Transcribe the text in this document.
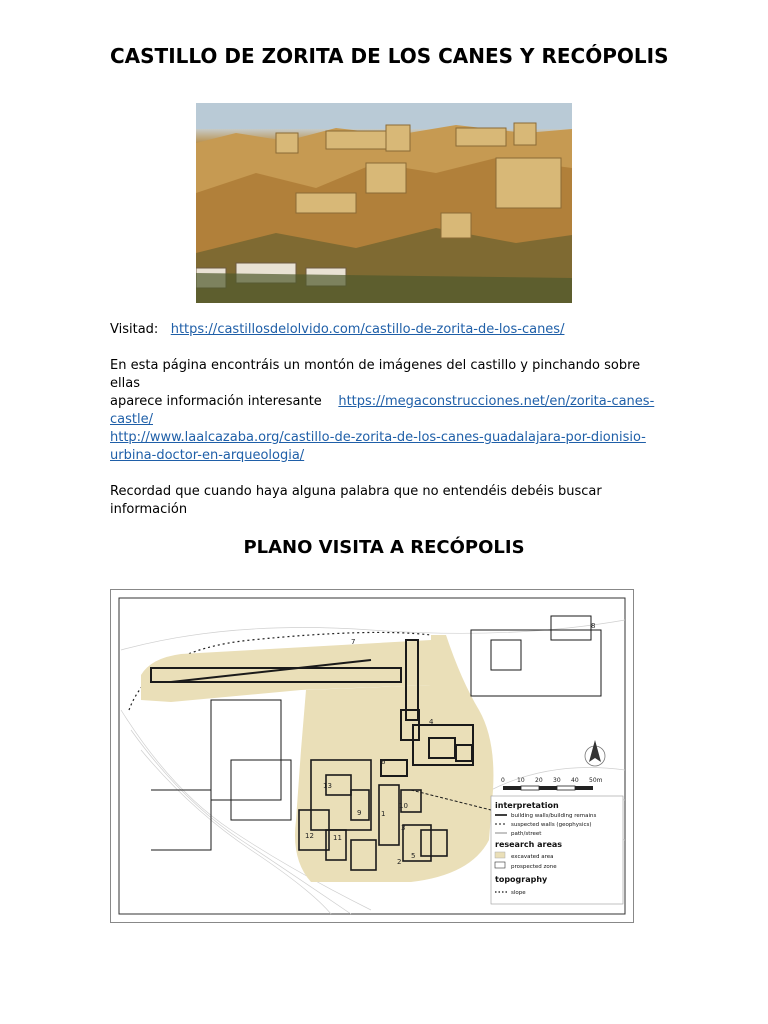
CASTILLO DE ZORITA DE LOS CANES Y RECÓPOLIS
Visitad: https://castillosdelolvido.com/castillo-de-zorita-de-los-canes/
En esta página encontráis un montón de imágenes del castillo y pinchando sobre ellas
aparece información interesante https://megaconstrucciones.net/en/zorita-canes-
castle/
http://www.laalcazaba.org/castillo-de-zorita-de-los-canes-guadalajara-por-dionisio-
urbina-doctor-en-arqueologia/
Recordad que cuando haya alguna palabra que no entendéis debéis buscar
información
PLANO VISITA A RECÓPOLIS
1
2
3
4
5
6
7
8
9
10
11
12
13
0 10 20 30 40 50m
interpretation
building walls/building remains
suspected walls (geophysics)
path/street
research areas
excavated area
prospected zone
topography
slope
